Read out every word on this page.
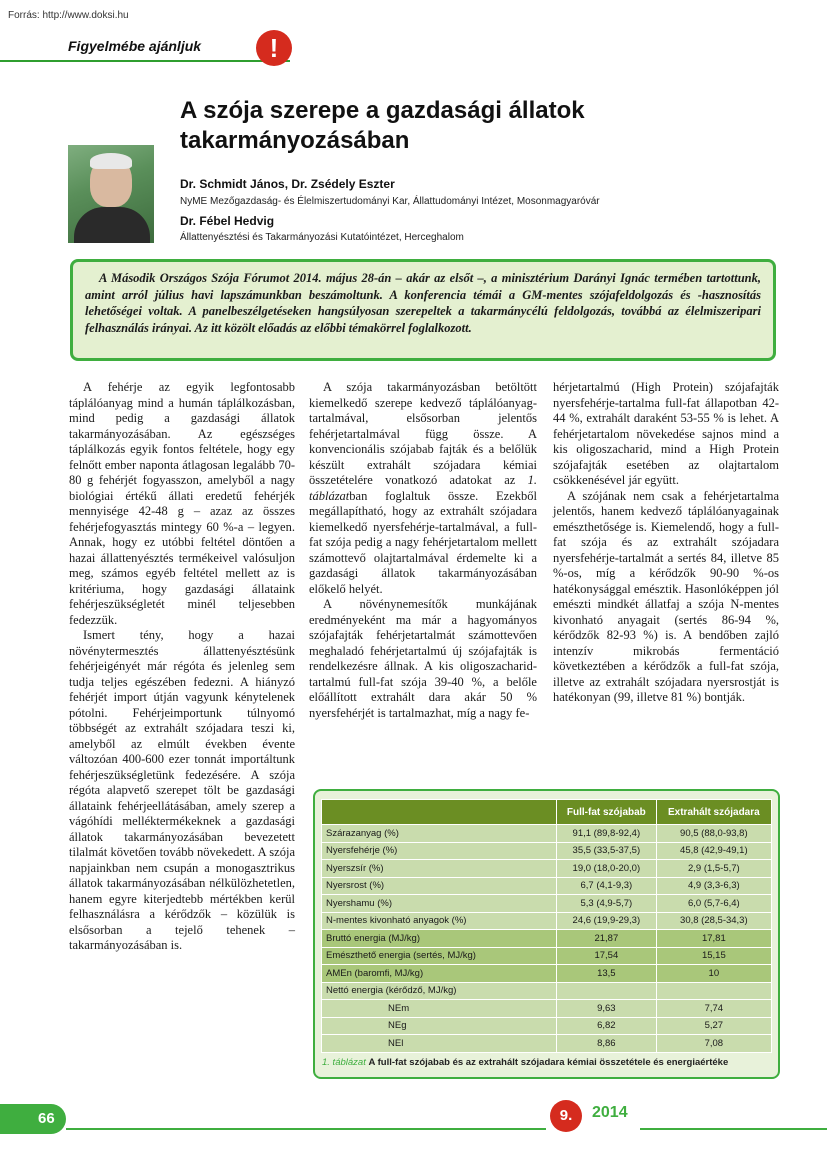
Forrás: http://www.doksi.hu
Figyelmébe ajánljuk	!
A szója szerepe a gazdasági állatok takarmányozásában
Dr. Schmidt János, Dr. Zsédely Eszter
NyME Mezőgazdaság- és Élelmiszertudományi Kar, Állattudományi Intézet, Mosonmagyaróvár
Dr. Fébel Hedvig
Állattenyésztési és Takarmányozási Kutatóintézet, Herceghalom
A Második Országos Szója Fórumot 2014. május 28-án – akár az elsőt –, a minisztérium Darányi Ignác termében tartottunk, amint arról július havi lapszámunkban beszámoltunk. A konferencia témái a GM-mentes szójafeldolgozás és -hasznosítás lehetőségei voltak. A panelbeszélgetéseken hangsúlyosan szerepeltek a takarmánycélú feldolgozás, továbbá az élelmiszeripari felhasználás irányai. Az itt közölt előadás az előbbi témakörrel foglalkozott.

A fehérje az egyik legfontosabb táplálóanyag mind a humán táplálkozásban, mind pedig a gazdasági állatok takarmányozásában. Az egészséges táplálkozás egyik fontos feltétele, hogy egy felnőtt ember naponta átlagosan legalább 70-80 g fehérjét fogyasszon, amelyből a nagy biológiai értékű állati eredetű fehérjék mennyisége 42-48 g – azaz az összes fehérjefogyasztás mintegy 60 %-a – legyen. Annak, hogy ez utóbbi feltétel döntően a hazai állattenyésztés termékeivel valósuljon meg, számos egyéb feltétel mellett az is kritériuma, hogy gazdasági állataink fehérjeszükségletét minél teljesebben fedezzük.

Ismert tény, hogy a hazai növénytermesztés állattenyésztésünk fehérjeigényét már régóta és jelenleg sem tudja teljes egészében fedezni. A hiányzó fehérjét import útján vagyunk kénytelenek pótolni. Fehérjeimportunk túlnyomó többségét az extrahált szójadara teszi ki, amelyből az elmúlt években évente változóan 400-600 ezer tonnát importáltunk fehérjeszükségletünk fedezésére. A szója régóta alapvető szerepet tölt be gazdasági állataink fehérjeellátásában, amely szerep a vágóhídi melléktermékeknek a gazdasági állatok takarmányozásában bevezetett tilalmát követően tovább növekedett. A szója napjainkban nem csupán a monogasztrikus állatok takarmányozásában nélkülözhetetlen, hanem egyre kiterjedtebb mértékben kerül felhasználásra a kérődzők – közülük is elsősorban a tejelő tehenek – takarmányozásában is.

A szója takarmányozásban betöltött kiemelkedő szerepe kedvező táplálóanyag-tartalmával, elsősorban jelentős fehérjetartalmával függ össze. A konvencionális szójabab fajták és a belőlük készült extrahált szójadara kémiai összetételére vonatkozó adatokat az 1. táblázatban foglaltuk össze. Ezekből megállapítható, hogy az extrahált szójadara kiemelkedő nyersfehérje-tartalmával, a full-fat szója pedig a nagy fehérjetartalom mellett számottevő olajtartalmával érdemelte ki a gazdasági állatok takarmányozásában előkelő helyét.

A növénynemesítők munkájának eredményeként ma már a hagyományos szójafajták fehérjetartalmát számottevően meghaladó fehérjetartalmú új szójafajták is rendelkezésre állnak. A kis oligoszacharid-tartalmú full-fat szója 39-40 %, a belőle előállított extrahált dara akár 50 % nyersfehérjét is tartalmazhat, míg a nagy fe-

hérjetartalmú (High Protein) szójafajták nyersfehérje-tartalma full-fat állapotban 42-44 %, extrahált daraként 53-55 % is lehet. A fehérjetartalom növekedése sajnos mind a kis oligoszacharid, mind a High Protein szójafajták esetében az olajtartalom csökkenésével jár együtt.

A szójának nem csak a fehérjetartalma jelentős, hanem kedvező táplálóanyagainak emészthetősége is. Kiemelendő, hogy a full-fat szója és az extrahált szójadara nyersfehérje-tartalmát a sertés 84, illetve 85 %-os, míg a kérődzők 90-90 %-os hatékonysággal emésztik. Hasonlóképpen jól emészti mindkét állatfaj a szója N-mentes kivonható anyagait (sertés 86-94 %, kérődzők 82-93 %) is. A bendőben zajló intenzív mikrobás fermentáció következtében a kérődzők a full-fat szója, illetve az extrahált szójadara nyersrostját is hatékonyan (99, illetve 81 %) bontják.

	Full-fat szójabab	Extrahált szójadara
Szárazanyag (%)	91,1 (89,8-92,4)	90,5 (88,0-93,8)
Nyersfehérje (%)	35,5 (33,5-37,5)	45,8 (42,9-49,1)
Nyerszsír (%)	19,0 (18,0-20,0)	2,9 (1,5-5,7)
Nyersrost (%)	6,7 (4,1-9,3)	4,9 (3,3-6,3)
Nyershamu (%)	5,3 (4,9-5,7)	6,0 (5,7-6,4)
N-mentes kivonható anyagok (%)	24,6 (19,9-29,3)	30,8 (28,5-34,3)
Bruttó energia (MJ/kg)	21,87	17,81
Emészthető energia (sertés, MJ/kg)	17,54	15,15
AMEn (baromfi, MJ/kg)	13,5	10
Nettó energia (kérődző, MJ/kg)		
NEm	9,63	7,74
NEg	6,82	5,27
NEl	8,86	7,08
1. táblázat A full-fat szójabab és az extrahált szójadara kémiai összetétele és energiaértéke
66	9.	2014
